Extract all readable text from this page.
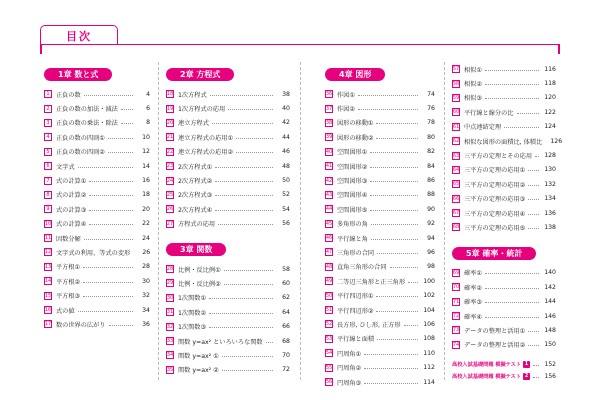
目次
1章 数と式
1	正負の数	4
2	正負の数の加法・減法	6
3	正負の数の乗法・除法	8
4	正負の数の四則①	10
5	正負の数の四則②	12
6	文字式	14
7	式の計算①	16
8	式の計算②	18
9	式の計算③	20
10 式の計算④	22
11 因数分解	24
12 文字式の利用、等式の変形	26
13 平方根①	28
14 平方根②	30
15 平方根③	32
16 式の値	34
17 数の世界の広がり	36
2章 方程式
18 1次方程式	38
19 1次方程式の応用	40
20 連立方程式	42
21 連立方程式の応用①	44
22 連立方程式の応用②	46
23 2次方程式①	48
24 2次方程式②	50
25 2次方程式③	52
26 2次方程式④	54
27 方程式の応用	56
3章 関数
28 比例・反比例①	58
29 比例・反比例②	60
30 1次関数①	62
31 1次関数②	64
32 1次関数③	66
33 関数 y=ax² といろいろな関数	68
34 関数 y=ax² ①	70
35 関数 y=ax² ②	72
4章 図形
36 作図①	74
37 作図②	76
38 図形の移動①	78
39 図形の移動②	80
40 空間図形①	82
41 空間図形②	84
42 空間図形③	86
43 空間図形④	88
44 空間図形⑤	90
45 多角形の角	92
46 平行線と角	94
47 三角形の合同	96
48 直角三角形の合同	98
49 二等辺三角形と正三角形	100
50 平行四辺形①	102
51 平行四辺形②	104
52 長方形, ひし形, 正方形	106
53 平行線と面積	108
54 円周角①	110
55 円周角②	112
56 円周角③	114
57 相似①	116
58 相似②	118
59 相似③	120
60 平行線と線分の比	122
61 中点連結定理	124
62 相似な図形の面積比, 体積比	126
63 三平方の定理とその応用	128
64 三平方の定理の応用①	130
65 三平方の定理の応用②	132
66 三平方の定理の応用③	134
67 三平方の定理の応用④	136
68 三平方の定理の応用⑤	138
5章 確率・統計
69 確率①	140
70 確率②	142
71 確率③	144
72 確率④	146
73 データの整理と活用①	148
74 データの整理と活用②	150
高校入試基礎問題 模擬テスト 1	152
高校入試基礎問題 模擬テスト 2	156
